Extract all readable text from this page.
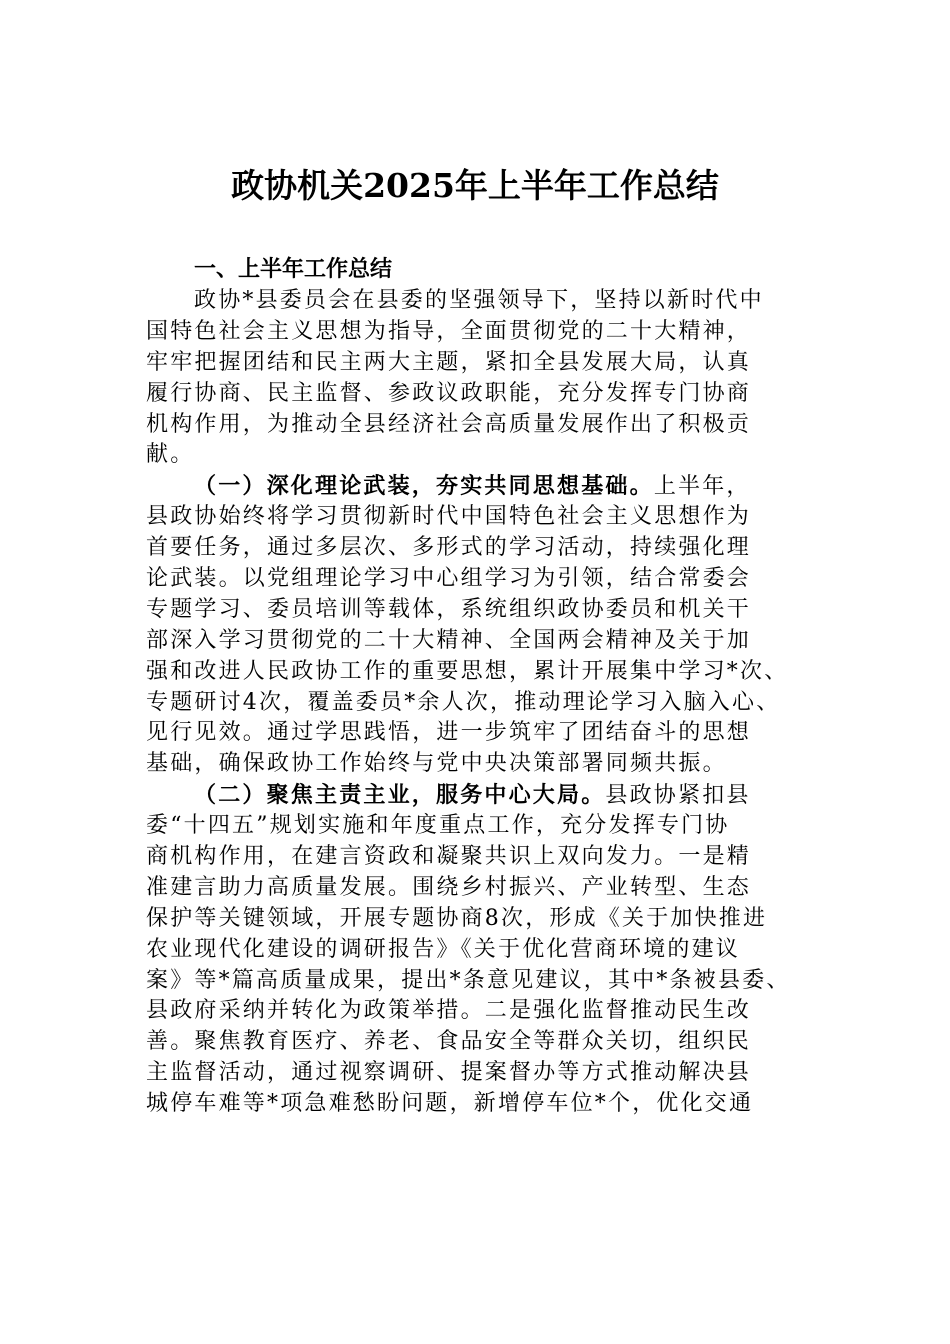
政协机关2025年上半年工作总结
一、上半年工作总结
政协*县委员会在县委的坚强领导下，坚持以新时代中
国特色社会主义思想为指导，全面贯彻党的二十大精神，
牢牢把握团结和民主两大主题，紧扣全县发展大局，认真
履行协商、民主监督、参政议政职能，充分发挥专门协商
机构作用，为推动全县经济社会高质量发展作出了积极贡
献。
（一）深化理论武装，夯实共同思想基础。上半年，
县政协始终将学习贯彻新时代中国特色社会主义思想作为
首要任务，通过多层次、多形式的学习活动，持续强化理
论武装。以党组理论学习中心组学习为引领，结合常委会
专题学习、委员培训等载体，系统组织政协委员和机关干
部深入学习贯彻党的二十大精神、全国两会精神及关于加
强和改进人民政协工作的重要思想，累计开展集中学习*次、
专题研讨4次，覆盖委员*余人次，推动理论学习入脑入心、
见行见效。通过学思践悟，进一步筑牢了团结奋斗的思想
基础，确保政协工作始终与党中央决策部署同频共振。
（二）聚焦主责主业，服务中心大局。县政协紧扣县
委“十四五”规划实施和年度重点工作，充分发挥专门协
商机构作用，在建言资政和凝聚共识上双向发力。一是精
准建言助力高质量发展。围绕乡村振兴、产业转型、生态
保护等关键领域，开展专题协商8次，形成《关于加快推进
农业现代化建设的调研报告》《关于优化营商环境的建议
案》等*篇高质量成果，提出*条意见建议，其中*条被县委、
县政府采纳并转化为政策举措。二是强化监督推动民生改
善。聚焦教育医疗、养老、食品安全等群众关切，组织民
主监督活动，通过视察调研、提案督办等方式推动解决县
城停车难等*项急难愁盼问题，新增停车位*个，优化交通
